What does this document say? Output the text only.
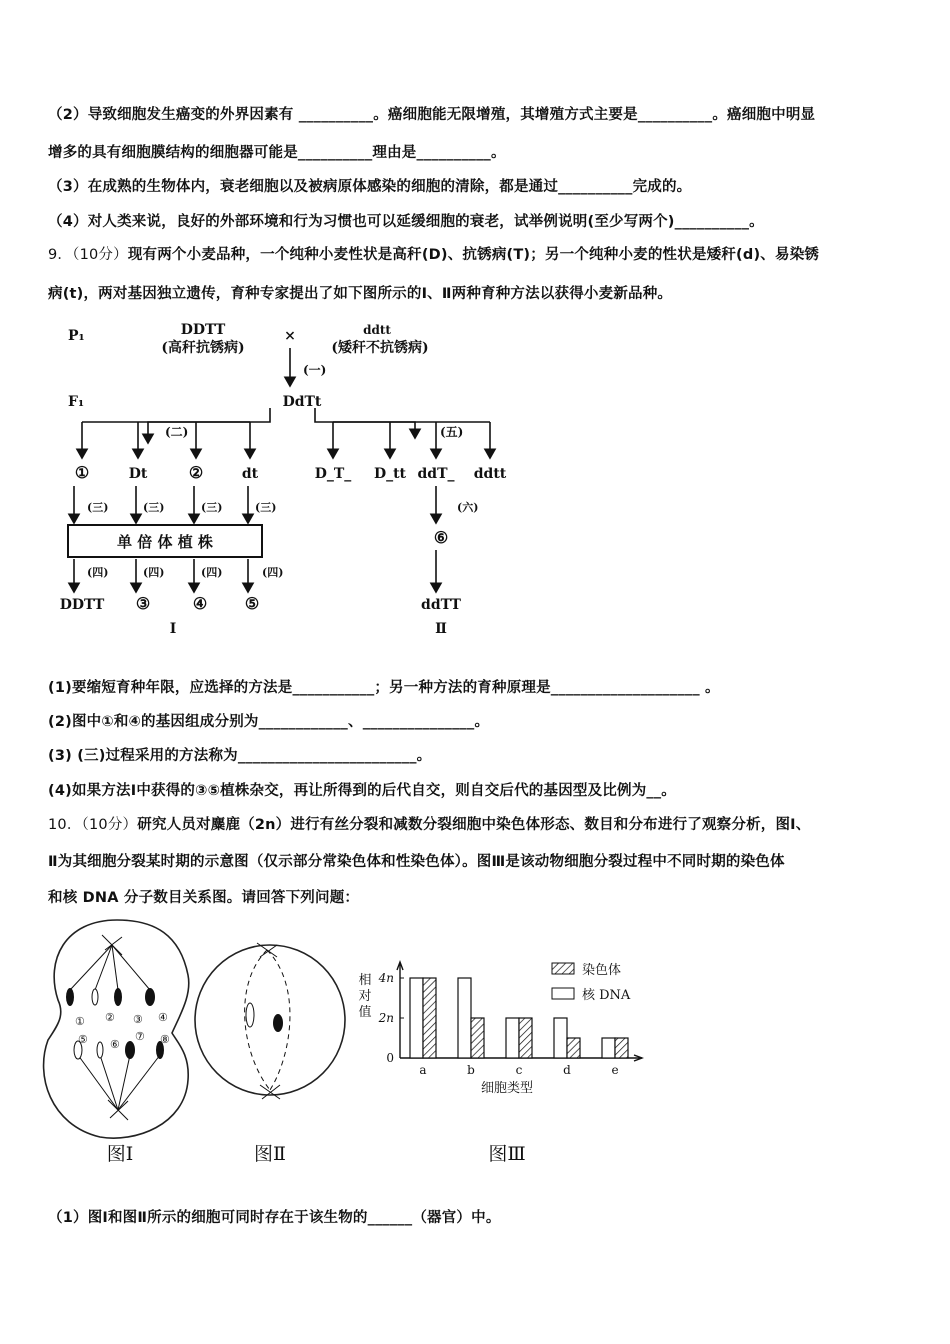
（2）导致细胞发生癌变的外界因素有 __________。癌细胞能无限增殖，其增殖方式主要是__________。癌细胞中明显
增多的具有细胞膜结构的细胞器可能是__________理由是__________。
（3）在成熟的生物体内，衰老细胞以及被病原体感染的细胞的清除，都是通过__________完成的。
（4）对人类来说，良好的外部环境和行为习惯也可以延缓细胞的衰老，试举例说明(至少写两个)__________。
9．（10分）现有两个小麦品种，一个纯种小麦性状是高秆(D)、抗锈病(T)；另一个纯种小麦的性状是矮秆(d)、易染锈
病(t)，两对基因独立遗传，育种专家提出了如下图所示的Ⅰ、Ⅱ两种育种方法以获得小麦新品种。
P₁
F₁
DDTT
(高秆抗锈病)
×	ddtt
(矮秆不抗锈病)
(一)
DdTt
(二)	(五)
①	Dt	②	dt
(三)	(三)	(三)	(三)
单 倍 体 植 株
(四)	(四)	(四)	(四)
DDTT ③	④ ⑤
Ⅰ
D_T_ D_tt ddT_ ddtt
(六)
⑥
ddTT
Ⅱ
(1)要缩短育种年限，应选择的方法是___________；另一种方法的育种原理是____________________ 。
(2)图中①和④的基因组成分别为____________、_______________。
(3) (三)过程采用的方法称为________________________。
(4)如果方法Ⅰ中获得的③⑤植株杂交，再让所得到的后代自交，则自交后代的基因型及比例为__。
10．（10分）研究人员对麋鹿（2n）进行有丝分裂和减数分裂细胞中染色体形态、数目和分布进行了观察分析，图Ⅰ、
Ⅱ为其细胞分裂某时期的示意图（仅示部分常染色体和性染色体）。图Ⅲ是该动物细胞分裂过程中不同时期的染色体
和核 DNA 分子数目关系图。请回答下列问题：
① ② ③ ④
⑤ ⑥
⑦ ⑧
图Ⅰ	图Ⅱ
相
对
值
4n
2n
0
a	b	c	d	e
细胞类型
染色体
核 DNA
图Ⅲ
（1）图Ⅰ和图Ⅱ所示的细胞可同时存在于该生物的______（器官）中。
